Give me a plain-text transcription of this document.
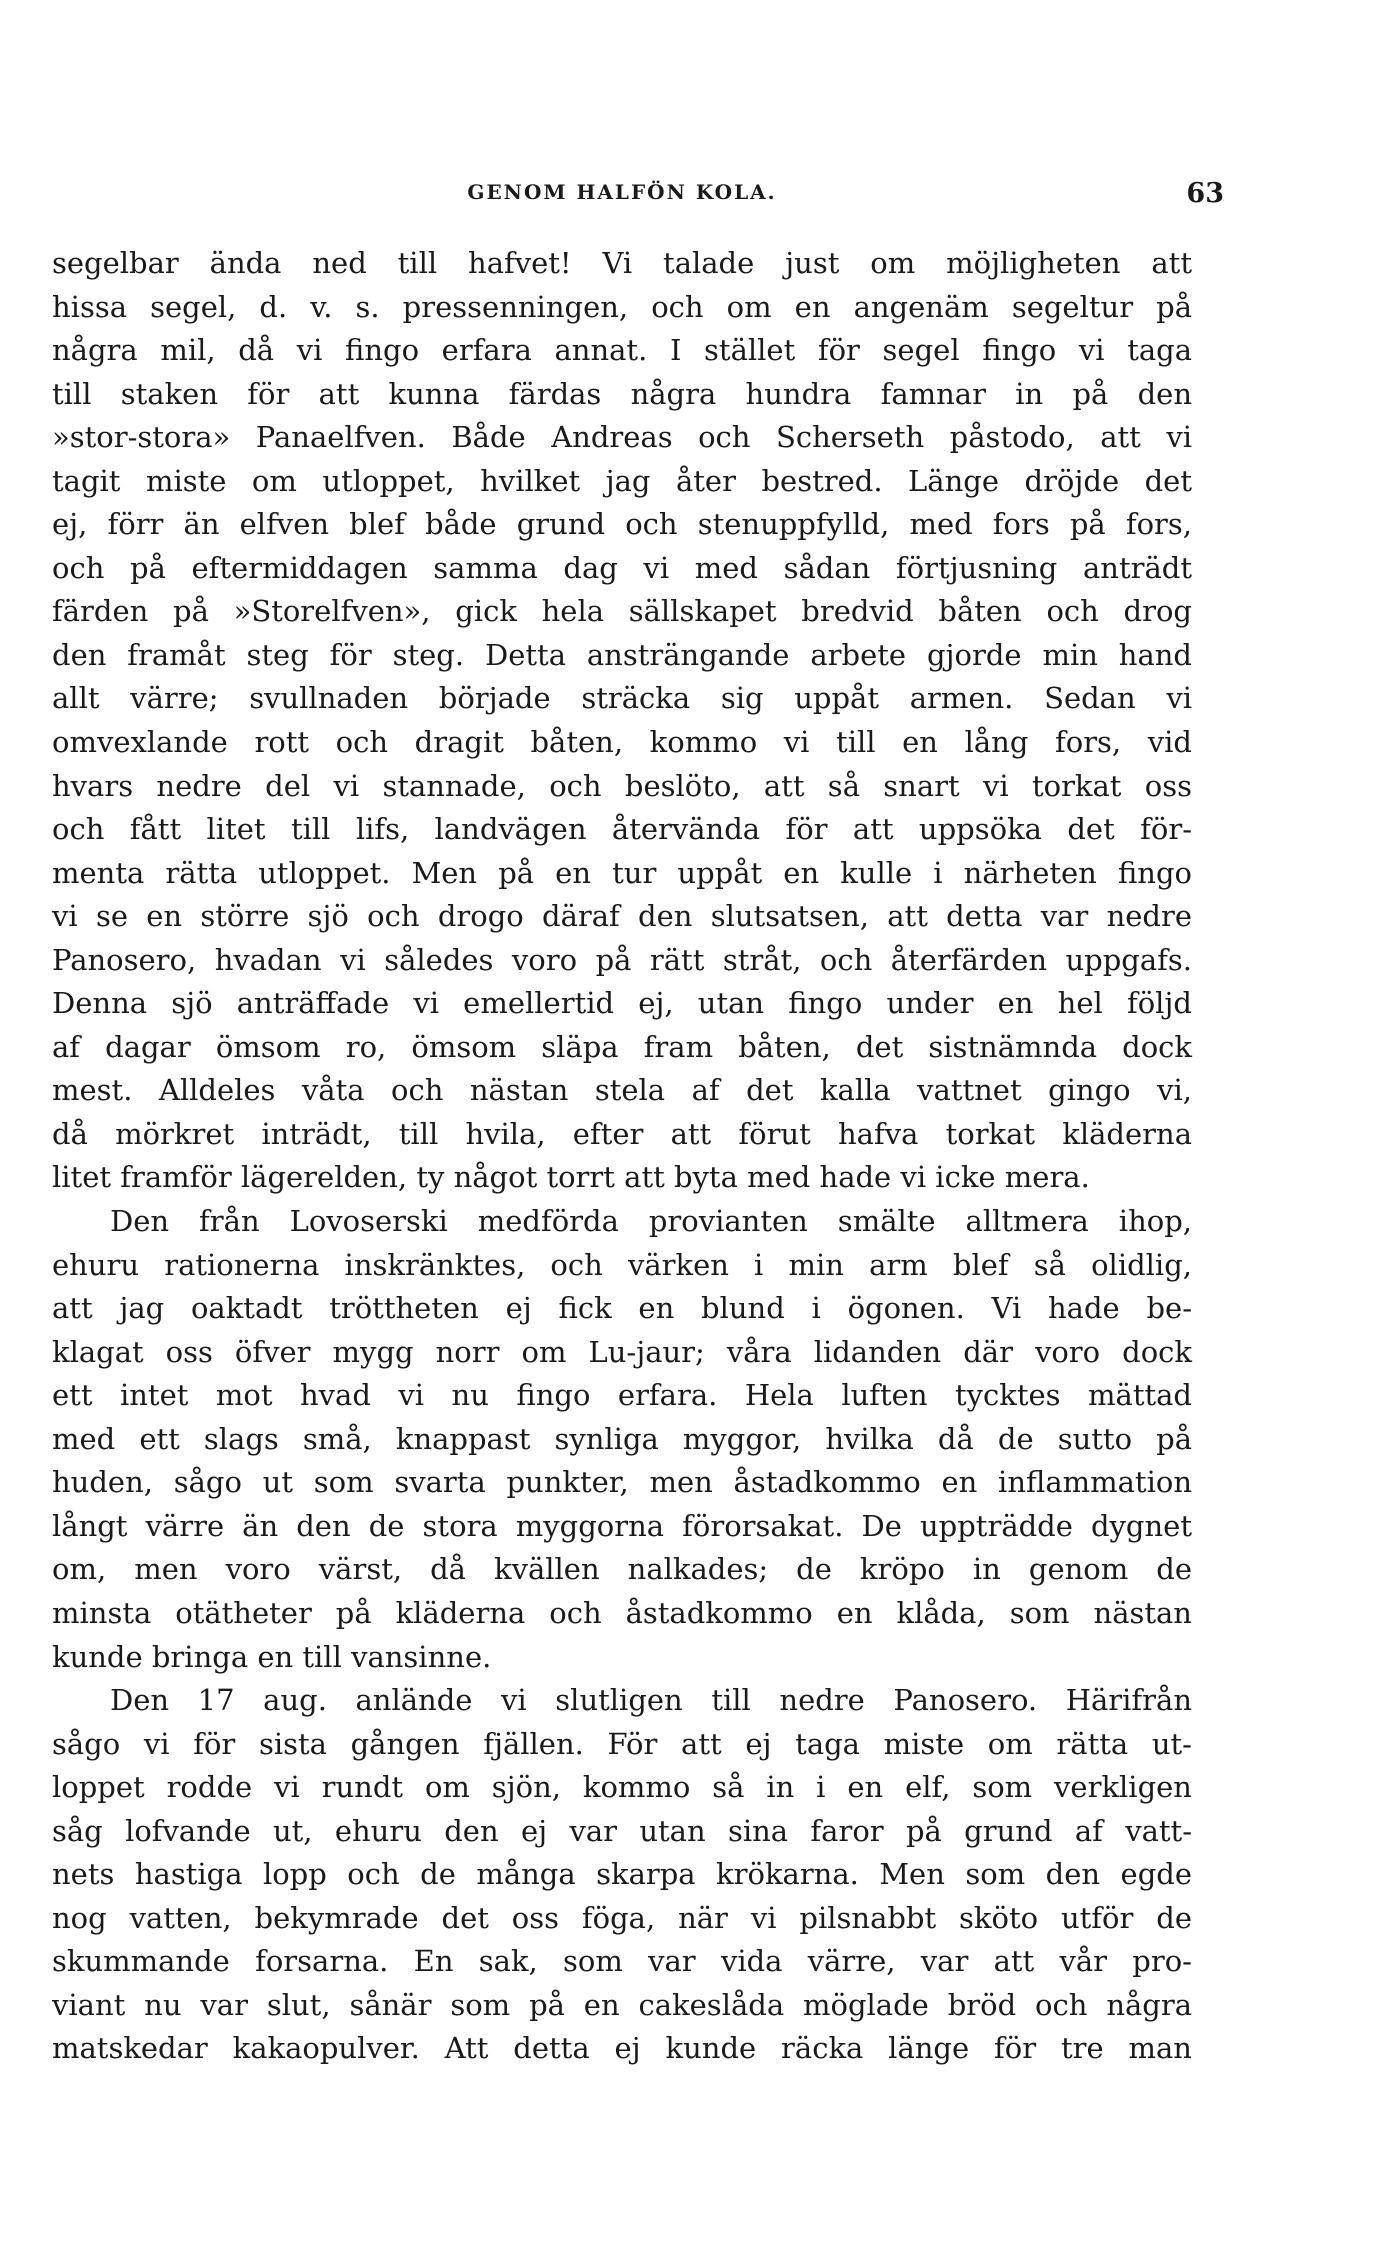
GENOM HALFÖN KOLA.	63
segelbar ända ned till hafvet! Vi talade just om möjligheten att
hissa segel, d. v. s. pressenningen, och om en angenäm segeltur på
några mil, då vi fingo erfara annat. I stället för segel fingo vi taga
till staken för att kunna färdas några hundra famnar in på den
»stor-stora» Panaelfven. Både Andreas och Scherseth påstodo, att vi
tagit miste om utloppet, hvilket jag åter bestred. Länge dröjde det
ej, förr än elfven blef både grund och stenuppfylld, med fors på fors,
och på eftermiddagen samma dag vi med sådan förtjusning anträdt
färden på »Storelfven», gick hela sällskapet bredvid båten och drog
den framåt steg för steg. Detta ansträngande arbete gjorde min hand
allt värre; svullnaden började sträcka sig uppåt armen. Sedan vi
omvexlande rott och dragit båten, kommo vi till en lång fors, vid
hvars nedre del vi stannade, och beslöto, att så snart vi torkat oss
och fått litet till lifs, landvägen återvända för att uppsöka det för-
menta rätta utloppet. Men på en tur uppåt en kulle i närheten fingo
vi se en större sjö och drogo däraf den slutsatsen, att detta var nedre
Panosero, hvadan vi således voro på rätt stråt, och återfärden uppgafs.
Denna sjö anträffade vi emellertid ej, utan fingo under en hel följd
af dagar ömsom ro, ömsom släpa fram båten, det sistnämnda dock
mest. Alldeles våta och nästan stela af det kalla vattnet gingo vi,
då mörkret inträdt, till hvila, efter att förut hafva torkat kläderna
litet framför lägerelden, ty något torrt att byta med hade vi icke mera.
Den från Lovoserski medförda provianten smälte alltmera ihop,
ehuru rationerna inskränktes, och värken i min arm blef så olidlig,
att jag oaktadt tröttheten ej fick en blund i ögonen. Vi hade be-
klagat oss öfver mygg norr om Lu-jaur; våra lidanden där voro dock
ett intet mot hvad vi nu fingo erfara. Hela luften tycktes mättad
med ett slags små, knappast synliga myggor, hvilka då de sutto på
huden, sågo ut som svarta punkter, men åstadkommo en inflammation
långt värre än den de stora myggorna förorsakat. De uppträdde dygnet
om, men voro värst, då kvällen nalkades; de kröpo in genom de
minsta otätheter på kläderna och åstadkommo en klåda, som nästan
kunde bringa en till vansinne.
Den 17 aug. anlände vi slutligen till nedre Panosero. Härifrån
sågo vi för sista gången fjällen. För att ej taga miste om rätta ut-
loppet rodde vi rundt om sjön, kommo så in i en elf, som verkligen
såg lofvande ut, ehuru den ej var utan sina faror på grund af vatt-
nets hastiga lopp och de många skarpa krökarna. Men som den egde
nog vatten, bekymrade det oss föga, när vi pilsnabbt sköto utför de
skummande forsarna. En sak, som var vida värre, var att vår pro-
viant nu var slut, sånär som på en cakeslåda möglade bröd och några
matskedar kakaopulver. Att detta ej kunde räcka länge för tre man
